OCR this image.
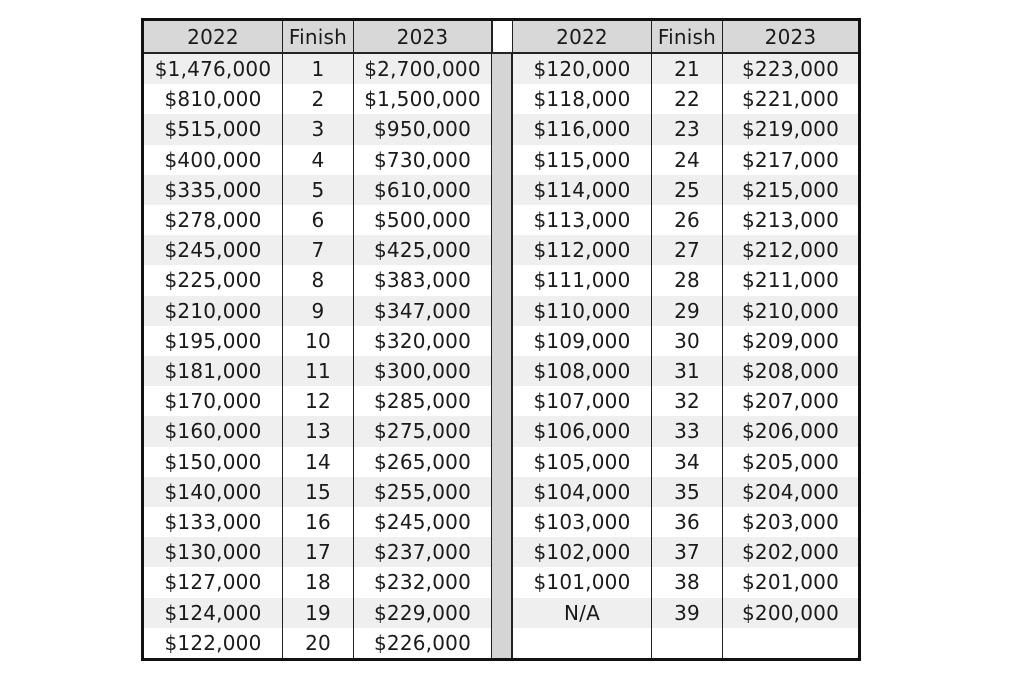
2022	Finish	2023	2022	Finish	2023
$1,476,000	1	$2,700,000	$120,000	21	$223,000
$810,000	2	$1,500,000	$118,000	22	$221,000
$515,000	3	$950,000	$116,000	23	$219,000
$400,000	4	$730,000	$115,000	24	$217,000
$335,000	5	$610,000	$114,000	25	$215,000
$278,000	6	$500,000	$113,000	26	$213,000
$245,000	7	$425,000	$112,000	27	$212,000
$225,000	8	$383,000	$111,000	28	$211,000
$210,000	9	$347,000	$110,000	29	$210,000
$195,000	10	$320,000	$109,000	30	$209,000
$181,000	11	$300,000	$108,000	31	$208,000
$170,000	12	$285,000	$107,000	32	$207,000
$160,000	13	$275,000	$106,000	33	$206,000
$150,000	14	$265,000	$105,000	34	$205,000
$140,000	15	$255,000	$104,000	35	$204,000
$133,000	16	$245,000	$103,000	36	$203,000
$130,000	17	$237,000	$102,000	37	$202,000
$127,000	18	$232,000	$101,000	38	$201,000
$124,000	19	$229,000	N/A	39	$200,000
$122,000	20	$226,000
